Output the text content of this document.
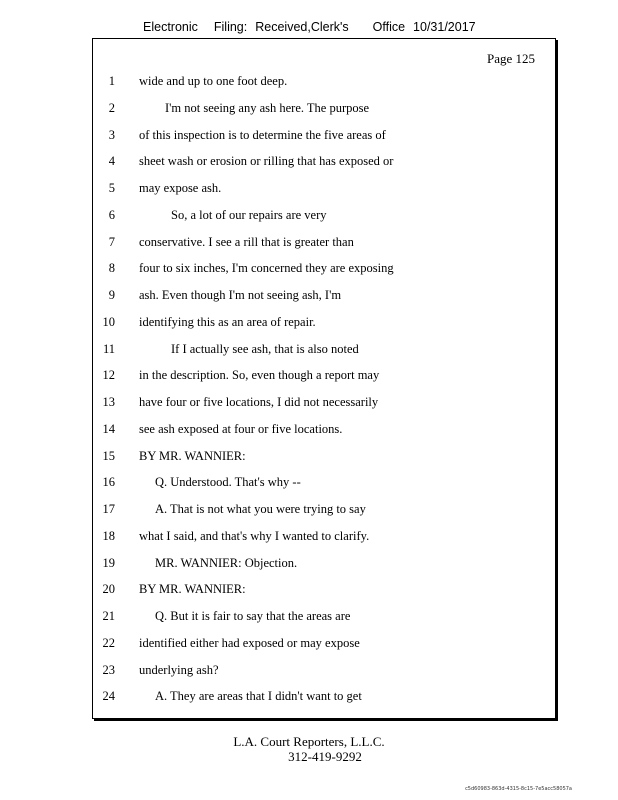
Electronic Filing: Received,Clerk's Office 10/31/2017
Page 125
1 wide and up to one foot deep.
2	I'm not seeing any ash here. The purpose
3 of this inspection is to determine the five areas of
4 sheet wash or erosion or rilling that has exposed or
5 may expose ash.
6	So, a lot of our repairs are very
7 conservative. I see a rill that is greater than
8 four to six inches, I'm concerned they are exposing
9 ash. Even though I'm not seeing ash, I'm
10 identifying this as an area of repair.
11	If I actually see ash, that is also noted
12 in the description. So, even though a report may
13 have four or five locations, I did not necessarily
14 see ash exposed at four or five locations.
15 BY MR. WANNIER:
16	Q. Understood. That's why --
17	A. That is not what you were trying to say
18 what I said, and that's why I wanted to clarify.
19	MR. WANNIER: Objection.
20 BY MR. WANNIER:
21	Q. But it is fair to say that the areas are
22 identified either had exposed or may expose
23 underlying ash?
24	A. They are areas that I didn't want to get
L.A. Court Reporters, L.L.C.
312-419-9292
c5d60983-863d-4315-8c15-7e5acc58057a
